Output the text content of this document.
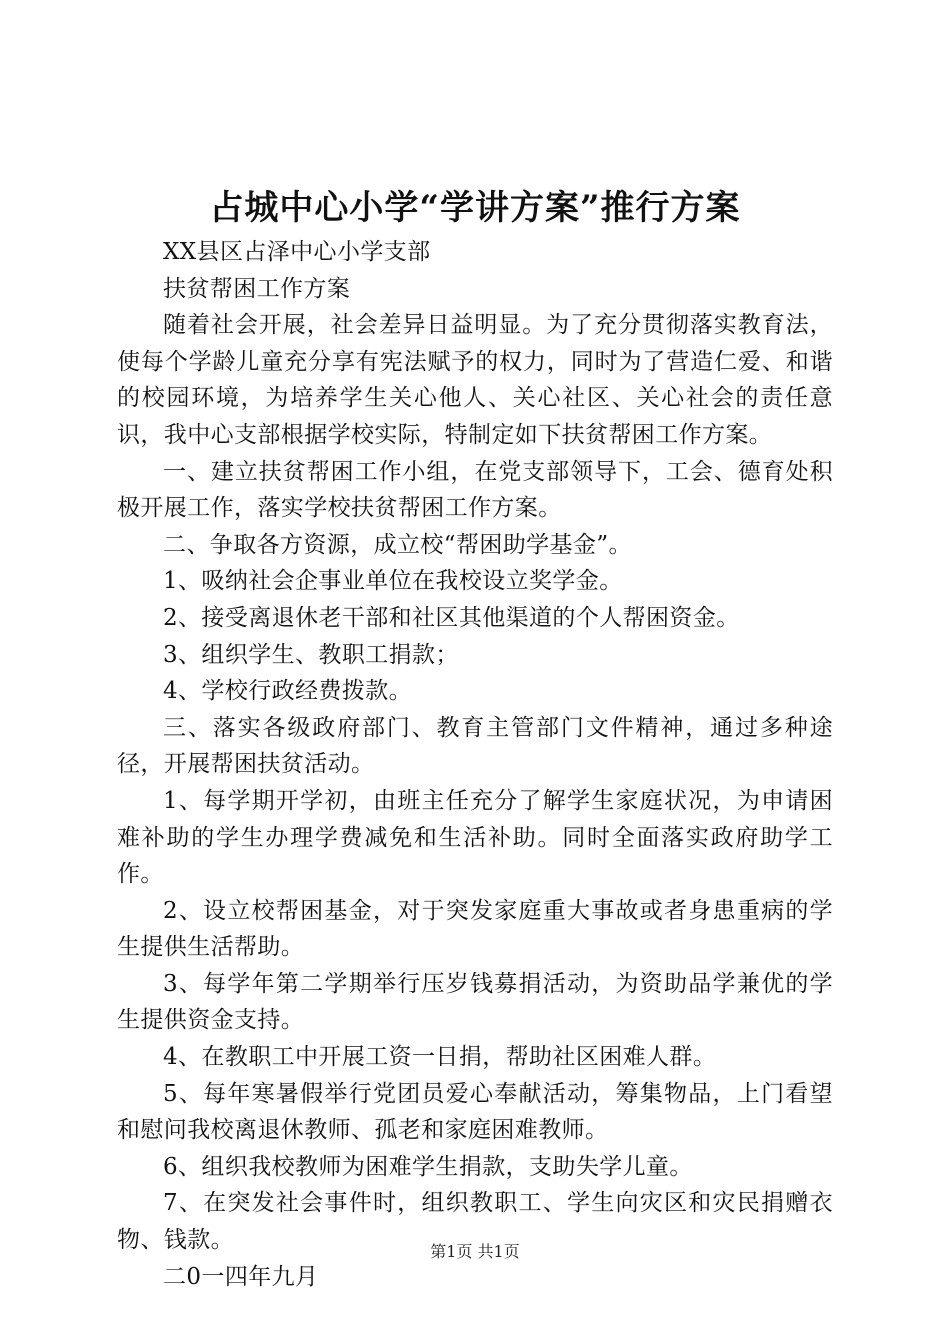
占城中心小学“学讲方案”推行方案

XX县区占泽中心小学支部

扶贫帮困工作方案

随着社会开展，社会差异日益明显。为了充分贯彻落实教育法，使每个学龄儿童充分享有宪法赋予的权力，同时为了营造仁爱、和谐的校园环境，为培养学生关心他人、关心社区、关心社会的责任意识，我中心支部根据学校实际，特制定如下扶贫帮困工作方案。

一、建立扶贫帮困工作小组，在党支部领导下，工会、德育处积极开展工作，落实学校扶贫帮困工作方案。

二、争取各方资源，成立校“帮困助学基金”。

1、吸纳社会企事业单位在我校设立奖学金。

2、接受离退休老干部和社区其他渠道的个人帮困资金。

3、组织学生、教职工捐款；

4、学校行政经费拨款。

三、落实各级政府部门、教育主管部门文件精神，通过多种途径，开展帮困扶贫活动。

1、每学期开学初，由班主任充分了解学生家庭状况，为申请困难补助的学生办理学费减免和生活补助。同时全面落实政府助学工作。

2、设立校帮困基金，对于突发家庭重大事故或者身患重病的学生提供生活帮助。

3、每学年第二学期举行压岁钱募捐活动，为资助品学兼优的学生提供资金支持。

4、在教职工中开展工资一日捐，帮助社区困难人群。

5、每年寒暑假举行党团员爱心奉献活动，筹集物品，上门看望和慰问我校离退休教师、孤老和家庭困难教师。

6、组织我校教师为困难学生捐款，支助失学儿童。

7、在突发社会事件时，组织教职工、学生向灾区和灾民捐赠衣物、钱款。

二0一四年九月

第1页 共1页
